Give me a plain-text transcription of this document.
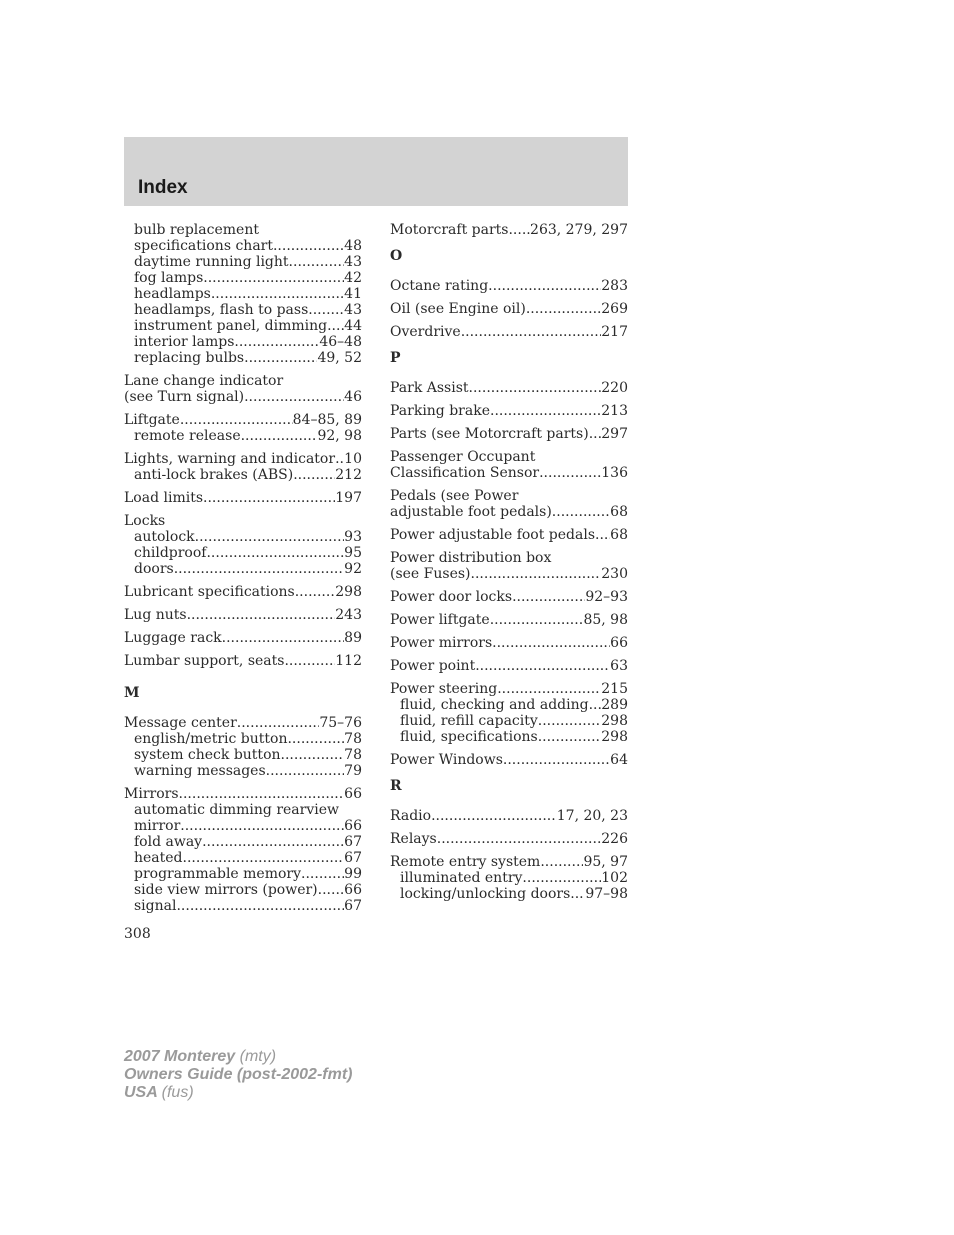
Index
bulb replacement
specifications chart .....	48
daytime running light .....	43
fog lamps .....	42
headlamps .....	41
headlamps, flash to pass .....	43
instrument panel, dimming ..... 44
interior lamps .....	46–48
replacing bulbs .....	49, 52
Lane change indicator
(see Turn signal) .....	46
Liftgate .....	84–85, 89
remote release .....	92, 98
Lights, warning and indicator ..... 10
anti-lock brakes (ABS) .....	212
Load limits .....	197
Locks
autolock .....	93
childproof .....	95
doors .....	92
Lubricant specifications .....	298
Lug nuts .....	243
Luggage rack .....	89
Lumbar support, seats .....	112
M
Message center .....	75–76
english/metric button .....	78
system check button .....	78
warning messages .....	79
Mirrors .....	66
automatic dimming rearview
mirror .....	66
fold away .....	67
heated .....	67
programmable memory .....	99
side view mirrors (power) ..... 66
signal .....	67
Motorcraft parts ..... 263, 279, 297
O
Octane rating .....	283
Oil (see Engine oil) .....	269
Overdrive .....	217
P
Park Assist .....	220
Parking brake .....	213
Parts (see Motorcraft parts) ..... 297
Passenger Occupant
Classification Sensor .....	136
Pedals (see Power
adjustable foot pedals) .....	68
Power adjustable foot pedals ..... 68
Power distribution box
(see Fuses) .....	230
Power door locks .....	92–93
Power liftgate .....	85, 98
Power mirrors .....	66
Power point .....	63
Power steering .....	215
fluid, checking and adding ..... 289
fluid, refill capacity .....	298
fluid, specifications .....	298
Power Windows .....	64
R
Radio .....	17, 20, 23
Relays .....	226
Remote entry system .....	95, 97
illuminated entry .....	102
locking/unlocking doors ..... 97–98
308
2007 Monterey (mty)
Owners Guide (post-2002-fmt)
USA (fus)
